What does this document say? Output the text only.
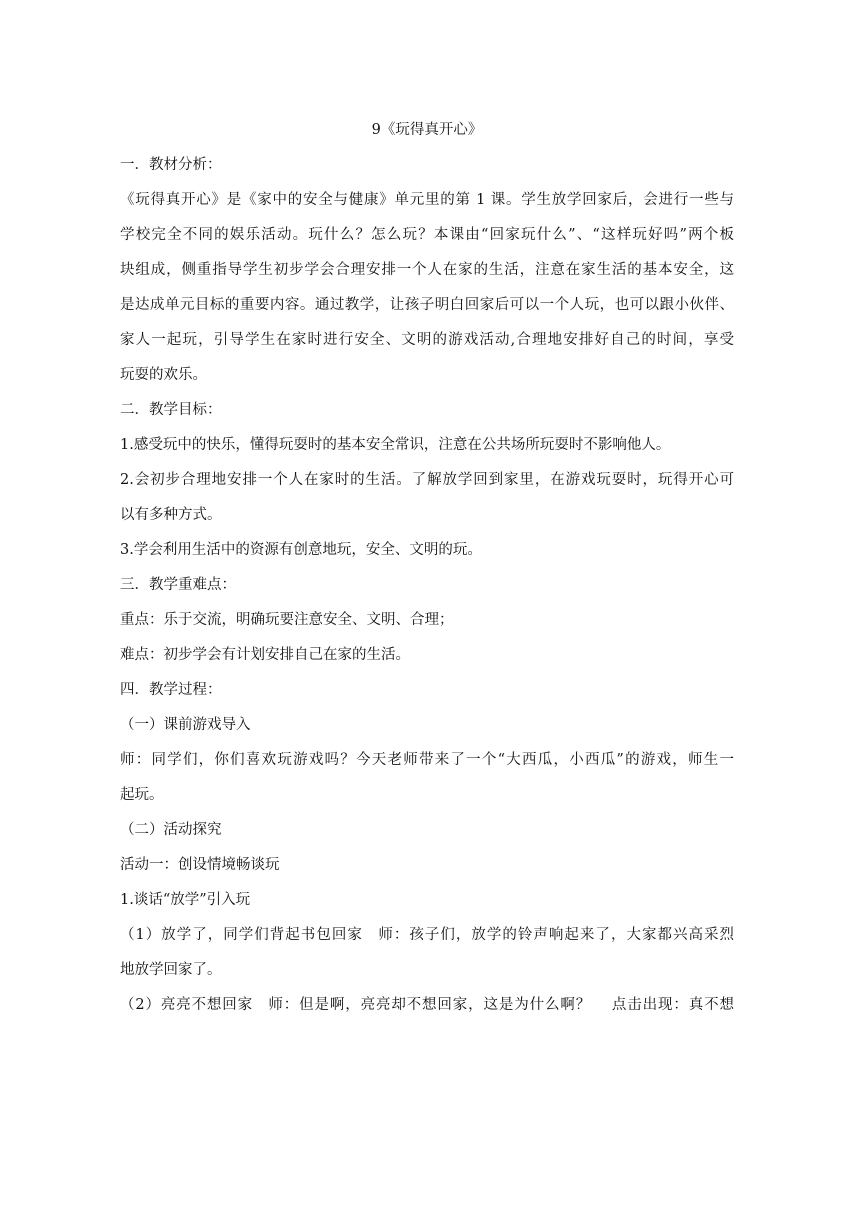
9《玩得真开心》

一．教材分析：

《玩得真开心》是《家中的安全与健康》单元里的第 1 课。学生放学回家后，会进行一些与

学校完全不同的娱乐活动。玩什么？怎么玩？本课由“回家玩什么”、“这样玩好吗”两个板

块组成，侧重指导学生初步学会合理安排一个人在家的生活，注意在家生活的基本安全，这

是达成单元目标的重要内容。通过教学，让孩子明白回家后可以一个人玩，也可以跟小伙伴、

家人一起玩，引导学生在家时进行安全、文明的游戏活动,合理地安排好自己的时间，享受

玩耍的欢乐。

二．教学目标：

1.感受玩中的快乐，懂得玩耍时的基本安全常识，注意在公共场所玩耍时不影响他人。

2.会初步合理地安排一个人在家时的生活。了解放学回到家里，在游戏玩耍时，玩得开心可

以有多种方式。

3.学会利用生活中的资源有创意地玩，安全、文明的玩。

三．教学重难点：

重点：乐于交流，明确玩要注意安全、文明、合理；

难点：初步学会有计划安排自己在家的生活。

四．教学过程：

（一）课前游戏导入

师：同学们，你们喜欢玩游戏吗？今天老师带来了一个“大西瓜，小西瓜”的游戏，师生一

起玩。

（二）活动探究

活动一：创设情境畅谈玩

1.谈话“放学”引入玩

（1）放学了，同学们背起书包回家　师：孩子们，放学的铃声响起来了，大家都兴高采烈

地放学回家了。

（2）亮亮不想回家　师：但是啊，亮亮却不想回家，这是为什么啊？　 点击出现：真不想
